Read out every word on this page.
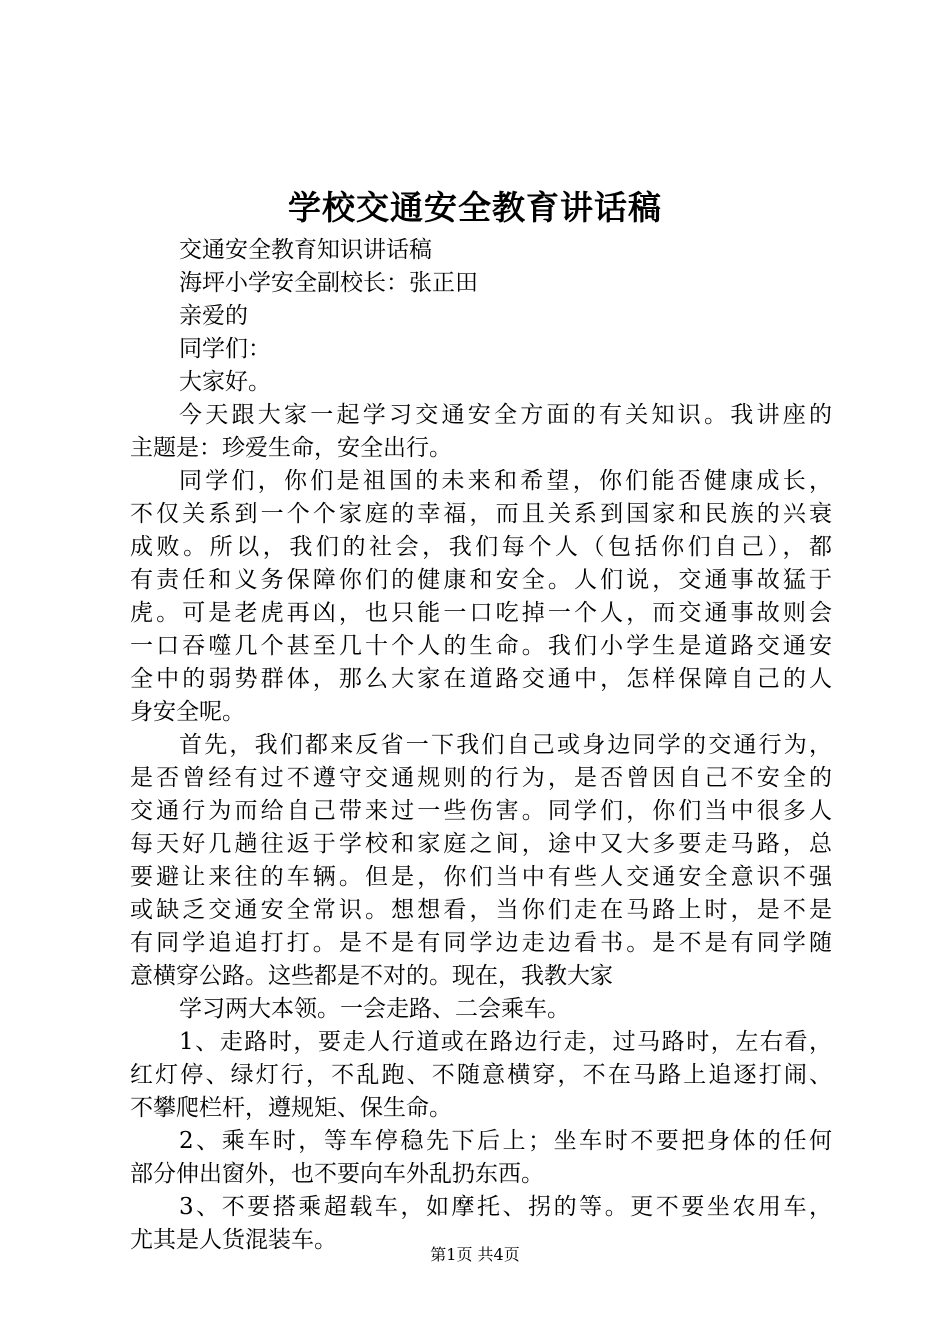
学校交通安全教育讲话稿
交通安全教育知识讲话稿
海坪小学安全副校长：张正田
亲爱的
同学们：
大家好。
今天跟大家一起学习交通安全方面的有关知识。我讲座的
主题是：珍爱生命，安全出行。
同学们，你们是祖国的未来和希望，你们能否健康成长，
不仅关系到一个个家庭的幸福，而且关系到国家和民族的兴衰
成败。所以，我们的社会，我们每个人（包括你们自己），都
有责任和义务保障你们的健康和安全。人们说，交通事故猛于
虎。可是老虎再凶，也只能一口吃掉一个人，而交通事故则会
一口吞噬几个甚至几十个人的生命。我们小学生是道路交通安
全中的弱势群体，那么大家在道路交通中，怎样保障自己的人
身安全呢。
首先，我们都来反省一下我们自己或身边同学的交通行为，
是否曾经有过不遵守交通规则的行为，是否曾因自己不安全的
交通行为而给自己带来过一些伤害。同学们，你们当中很多人
每天好几趟往返于学校和家庭之间，途中又大多要走马路，总
要避让来往的车辆。但是，你们当中有些人交通安全意识不强
或缺乏交通安全常识。想想看，当你们走在马路上时，是不是
有同学追追打打。是不是有同学边走边看书。是不是有同学随
意横穿公路。这些都是不对的。现在，我教大家
学习两大本领。一会走路、二会乘车。
1、走路时，要走人行道或在路边行走，过马路时，左右看，
红灯停、绿灯行，不乱跑、不随意横穿，不在马路上追逐打闹、
不攀爬栏杆，遵规矩、保生命。
2、乘车时，等车停稳先下后上；坐车时不要把身体的任何
部分伸出窗外，也不要向车外乱扔东西。
3、不要搭乘超载车，如摩托、拐的等。更不要坐农用车，
尤其是人货混装车。
第1页 共4页
